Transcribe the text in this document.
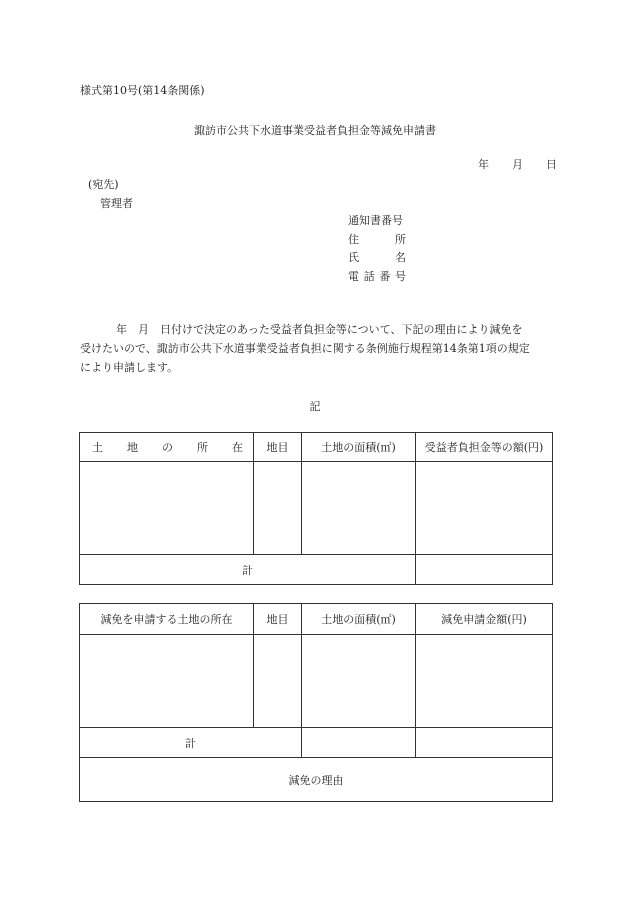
様式第10号(第14条関係)
諏訪市公共下水道事業受益者負担金等減免申請書
年 月 日
(宛先)
管理者
通知書番号
住	所
氏	名
電 話 番 号

年　月　日付けで決定のあった受益者負担金等について、下記の理由により減免を

受けたいので、諏訪市公共下水道事業受益者負担に関する条例施行規程第14条第1項の規定

により申請します。

記
土 地 の 所 在	地目	土地の面積(㎡)	受益者負担金等の額(円)

計			
減免を申請する土地の所在	地目	土地の面積(㎡)	減免申請金額(円)

計			
減免の理由			
